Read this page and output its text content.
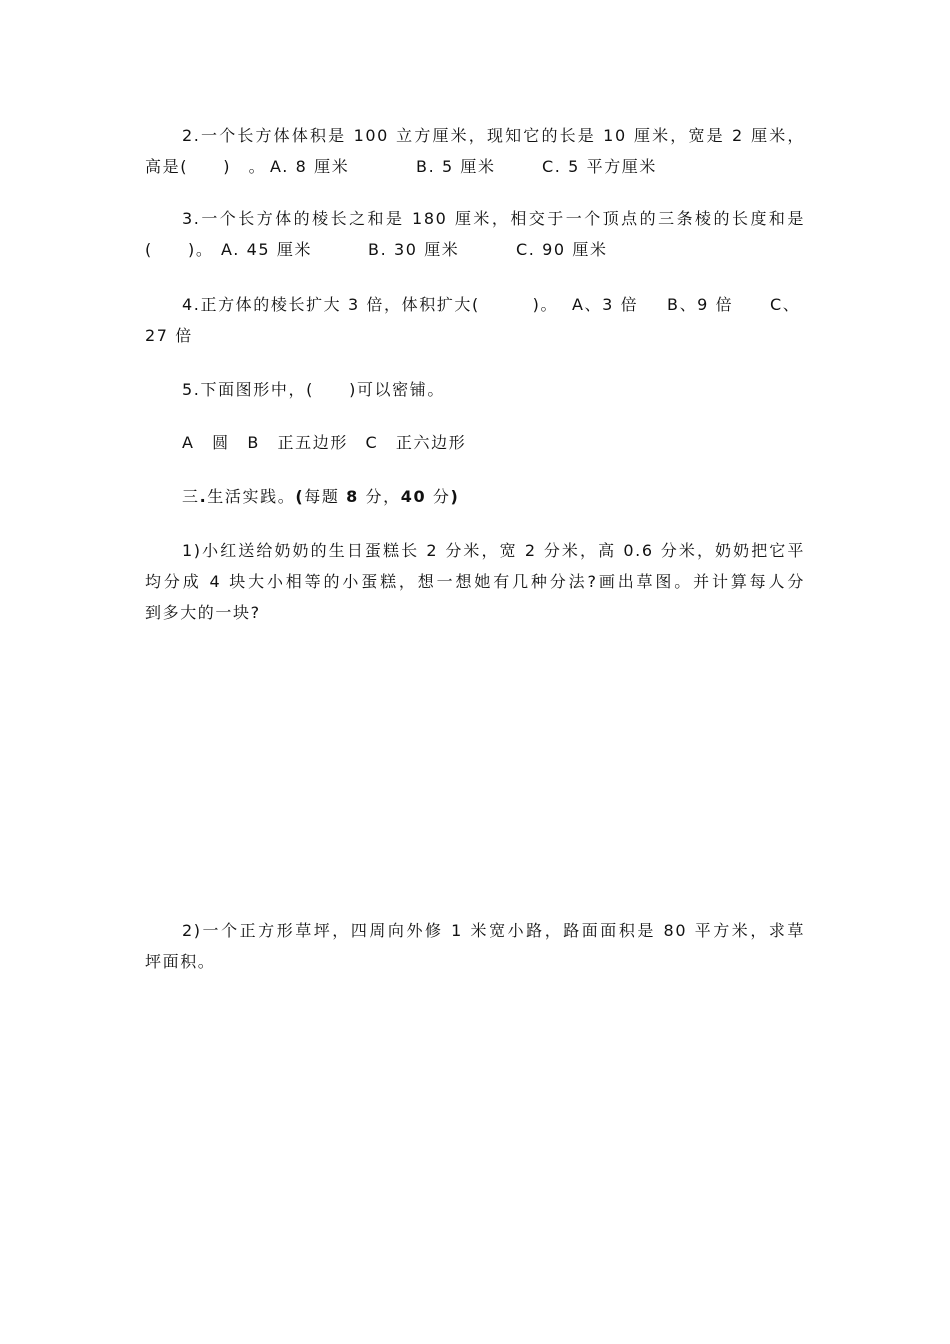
2.一个长方体体积是 100 立方厘米，现知它的长是 10 厘米，宽是 2 厘米，
高是(　　)　。 A. 8 厘米	B. 5 厘米	C. 5 平方厘米
3.一个长方体的棱长之和是 180 厘米，相交于一个顶点的三条棱的长度和是
(　　)。 A. 45 厘米	B. 30 厘米	C. 90 厘米
4.正方体的棱长扩大 3 倍，体积扩大(　　　)。 A、3 倍 B、9 倍 C、
27 倍
5.下面图形中，(　　)可以密铺。
A　圆　B　正五边形　C　正六边形
三.生活实践。(每题 8 分，40 分)
1)小红送给奶奶的生日蛋糕长 2 分米，宽 2 分米，高 0.6 分米，奶奶把它平
均分成 4 块大小相等的小蛋糕，想一想她有几种分法?画出草图。并计算每人分
到多大的一块?
2)一个正方形草坪，四周向外修 1 米宽小路，路面面积是 80 平方米，求草
坪面积。
